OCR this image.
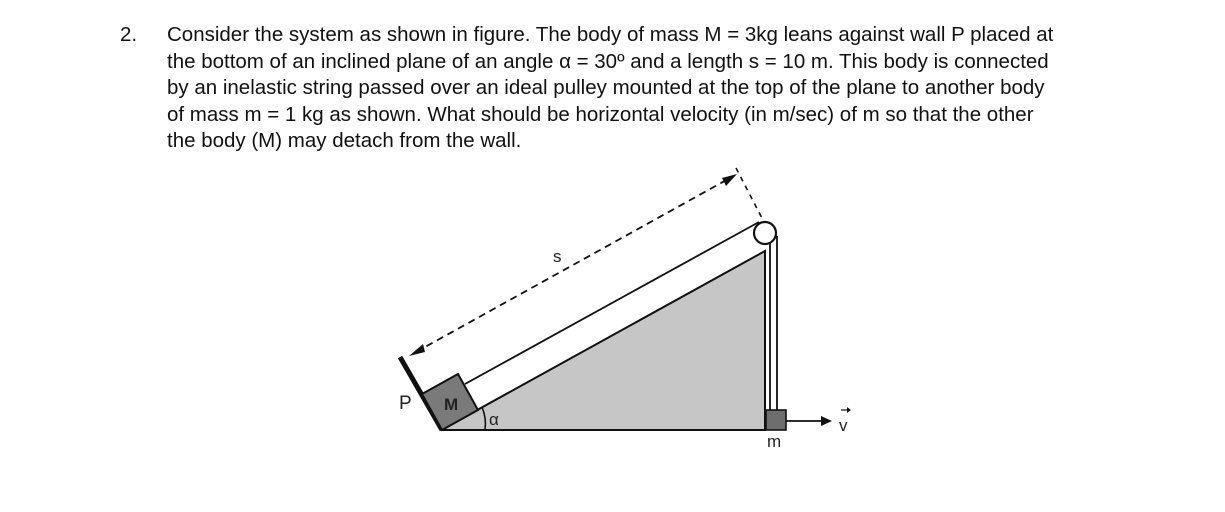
2. Consider the system as shown in figure. The body of mass M = 3kg leans against wall P placed at
the bottom of an inclined plane of an angle α = 30º and a length s = 10 m. This body is connected
by an inelastic string passed over an ideal pulley mounted at the top of the plane to another body
of mass m = 1 kg as shown. What should be horizontal velocity (in m/sec) of m so that the other
the body (M) may detach from the wall.
s
P M
α
m
v
